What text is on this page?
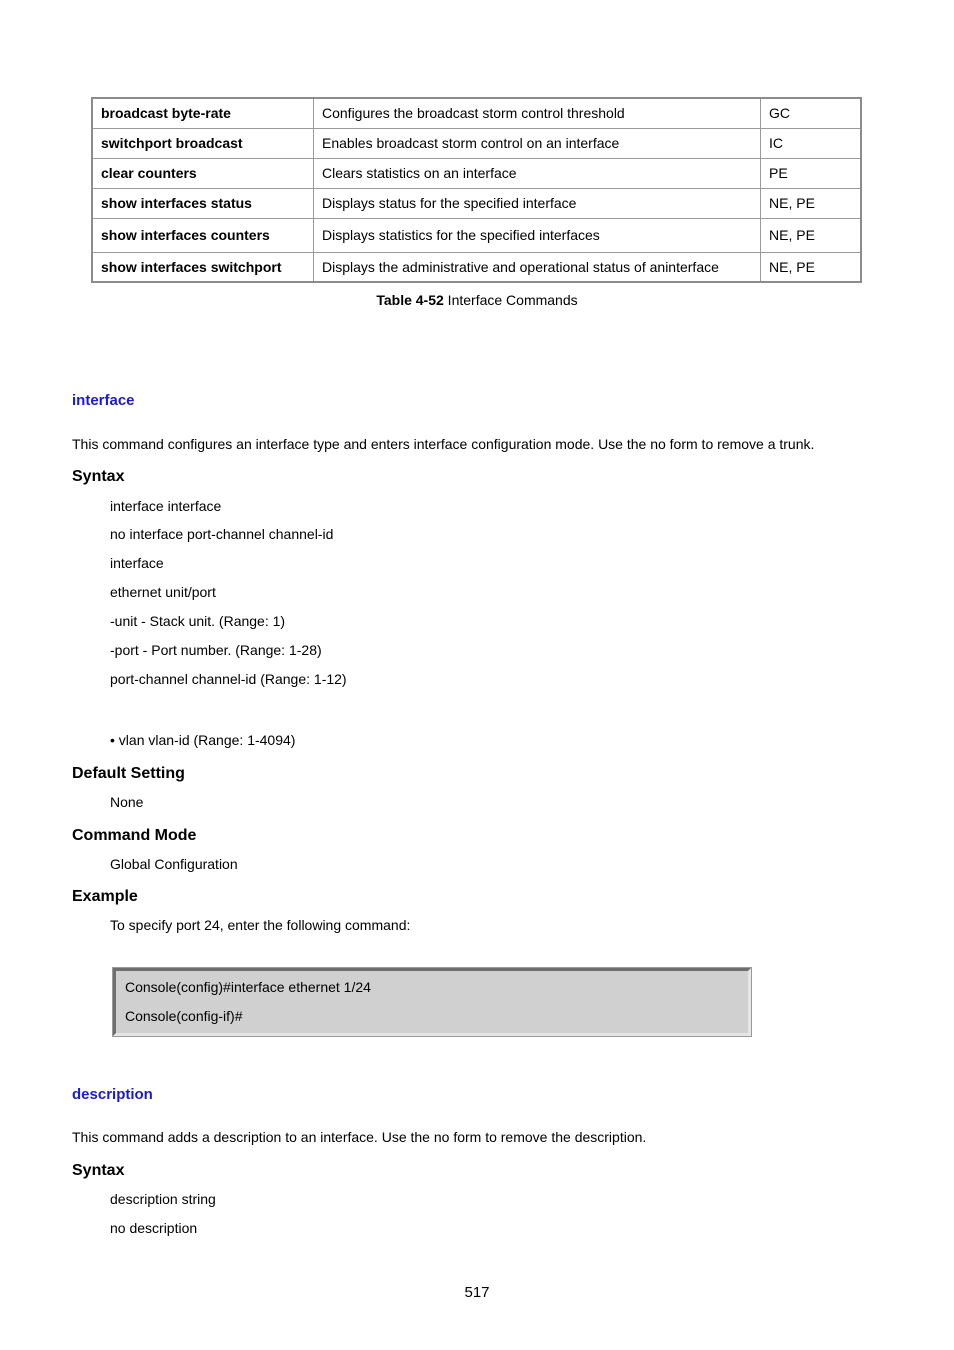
broadcast byte-rate	Configures the broadcast storm control threshold	GC
switchport broadcast	Enables broadcast storm control on an interface	IC
clear counters	Clears statistics on an interface	PE
show interfaces status	Displays status for the specified interface	NE, PE
show interfaces counters	Displays statistics for the specified interfaces	NE, PE
show interfaces switchport	Displays the administrative and operational status of aninterface	NE, PE
Table 4-52 Interface Commands
interface
This command configures an interface type and enters interface configuration mode. Use the no form to remove a trunk.
Syntax
interface interface
no interface port-channel channel-id
interface
ethernet unit/port
-unit - Stack unit. (Range: 1)
-port - Port number. (Range: 1-28)
port-channel channel-id (Range: 1-12)
• vlan vlan-id (Range: 1-4094)
Default Setting
None
Command Mode
Global Configuration
Example
To specify port 24, enter the following command:
Console(config)#interface ethernet 1/24
Console(config-if)#
description
This command adds a description to an interface. Use the no form to remove the description.
Syntax
description string
no description
517
